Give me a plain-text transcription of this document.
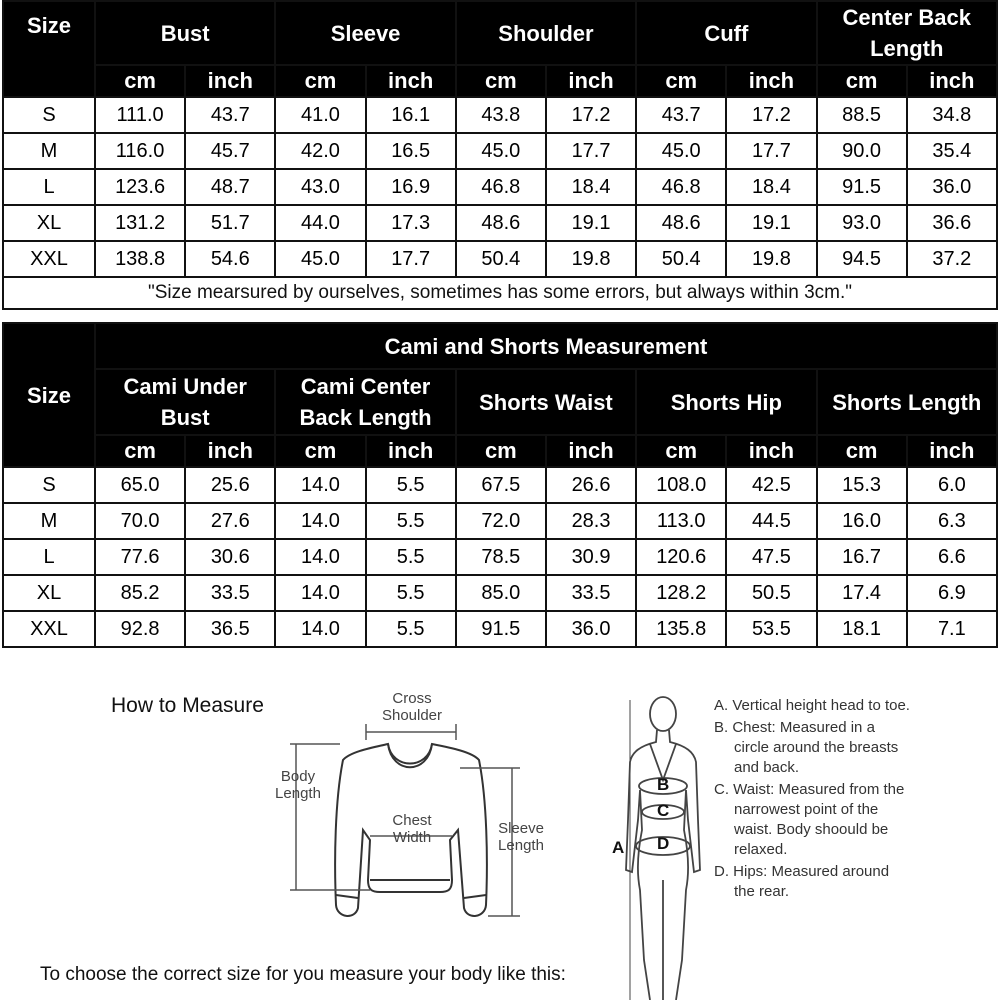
Size	Bust		Sleeve		Shoulder		Cuff		Center Back Length	
	cm	inch	cm	inch	cm	inch	cm	inch	cm	inch
S	111.0	43.7	41.0	16.1	43.8	17.2	43.7	17.2	88.5	34.8
M	116.0	45.7	42.0	16.5	45.0	17.7	45.0	17.7	90.0	35.4
L	123.6	48.7	43.0	16.9	46.8	18.4	46.8	18.4	91.5	36.0
XL	131.2	51.7	44.0	17.3	48.6	19.1	48.6	19.1	93.0	36.6
XXL	138.8	54.6	45.0	17.7	50.4	19.8	50.4	19.8	94.5	37.2
"Size mearsured by ourselves, sometimes has some errors, but always within 3cm."										
Size	Cami and Shorts Measurement									
	Cami Under Bust		Cami Center Back Length		Shorts Waist		Shorts Hip		Shorts Length	
	cm	inch	cm	inch	cm	inch	cm	inch	cm	inch
S	65.0	25.6	14.0	5.5	67.5	26.6	108.0	42.5	15.3	6.0
M	70.0	27.6	14.0	5.5	72.0	28.3	113.0	44.5	16.0	6.3
L	77.6	30.6	14.0	5.5	78.5	30.9	120.6	47.5	16.7	6.6
XL	85.2	33.5	14.0	5.5	85.0	33.5	128.2	50.5	17.4	6.9
XXL	92.8	36.5	14.0	5.5	91.5	36.0	135.8	53.5	18.1	7.1
How to Measure	Cross Shoulder
Body Length
Chest Width
Sleeve Length	A
B
C
D
A. Vertical height head to toe.
B. Chest: Measured in a circle around the breasts and back.
C. Waist: Measured from the narrowest point of the waist. Body shoould be relaxed.
D. Hips: Measured around the rear.
To choose the correct size for you measure your body like this:
